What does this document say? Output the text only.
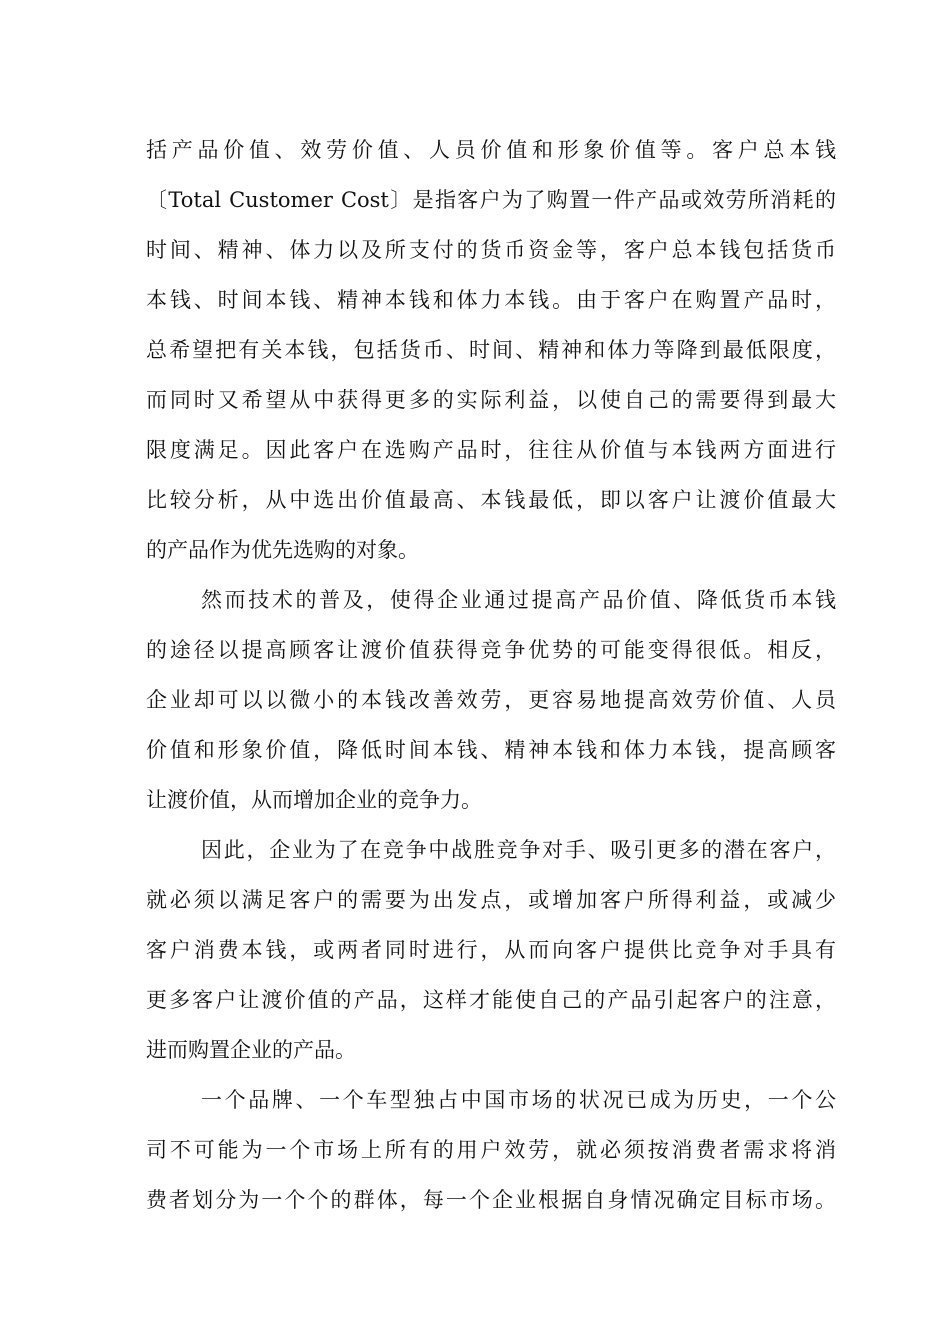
括产品价值、效劳价值、人员价值和形象价值等。客户总本钱
〔Total Customer Cost〕是指客户为了购置一件产品或效劳所消耗的
时间、精神、体力以及所支付的货币资金等，客户总本钱包括货币
本钱、时间本钱、精神本钱和体力本钱。由于客户在购置产品时，
总希望把有关本钱，包括货币、时间、精神和体力等降到最低限度，
而同时又希望从中获得更多的实际利益，以使自己的需要得到最大
限度满足。因此客户在选购产品时，往往从价值与本钱两方面进行
比较分析，从中选出价值最高、本钱最低，即以客户让渡价值最大
的产品作为优先选购的对象。
然而技术的普及，使得企业通过提高产品价值、降低货币本钱
的途径以提高顾客让渡价值获得竞争优势的可能变得很低。相反，
企业却可以以微小的本钱改善效劳，更容易地提高效劳价值、人员
价值和形象价值，降低时间本钱、精神本钱和体力本钱，提高顾客
让渡价值，从而增加企业的竞争力。
因此，企业为了在竞争中战胜竞争对手、吸引更多的潜在客户，
就必须以满足客户的需要为出发点，或增加客户所得利益，或减少
客户消费本钱，或两者同时进行，从而向客户提供比竞争对手具有
更多客户让渡价值的产品，这样才能使自己的产品引起客户的注意，
进而购置企业的产品。
一个品牌、一个车型独占中国市场的状况已成为历史，一个公
司不可能为一个市场上所有的用户效劳，就必须按消费者需求将消
费者划分为一个个的群体，每一个企业根据自身情况确定目标市场。
